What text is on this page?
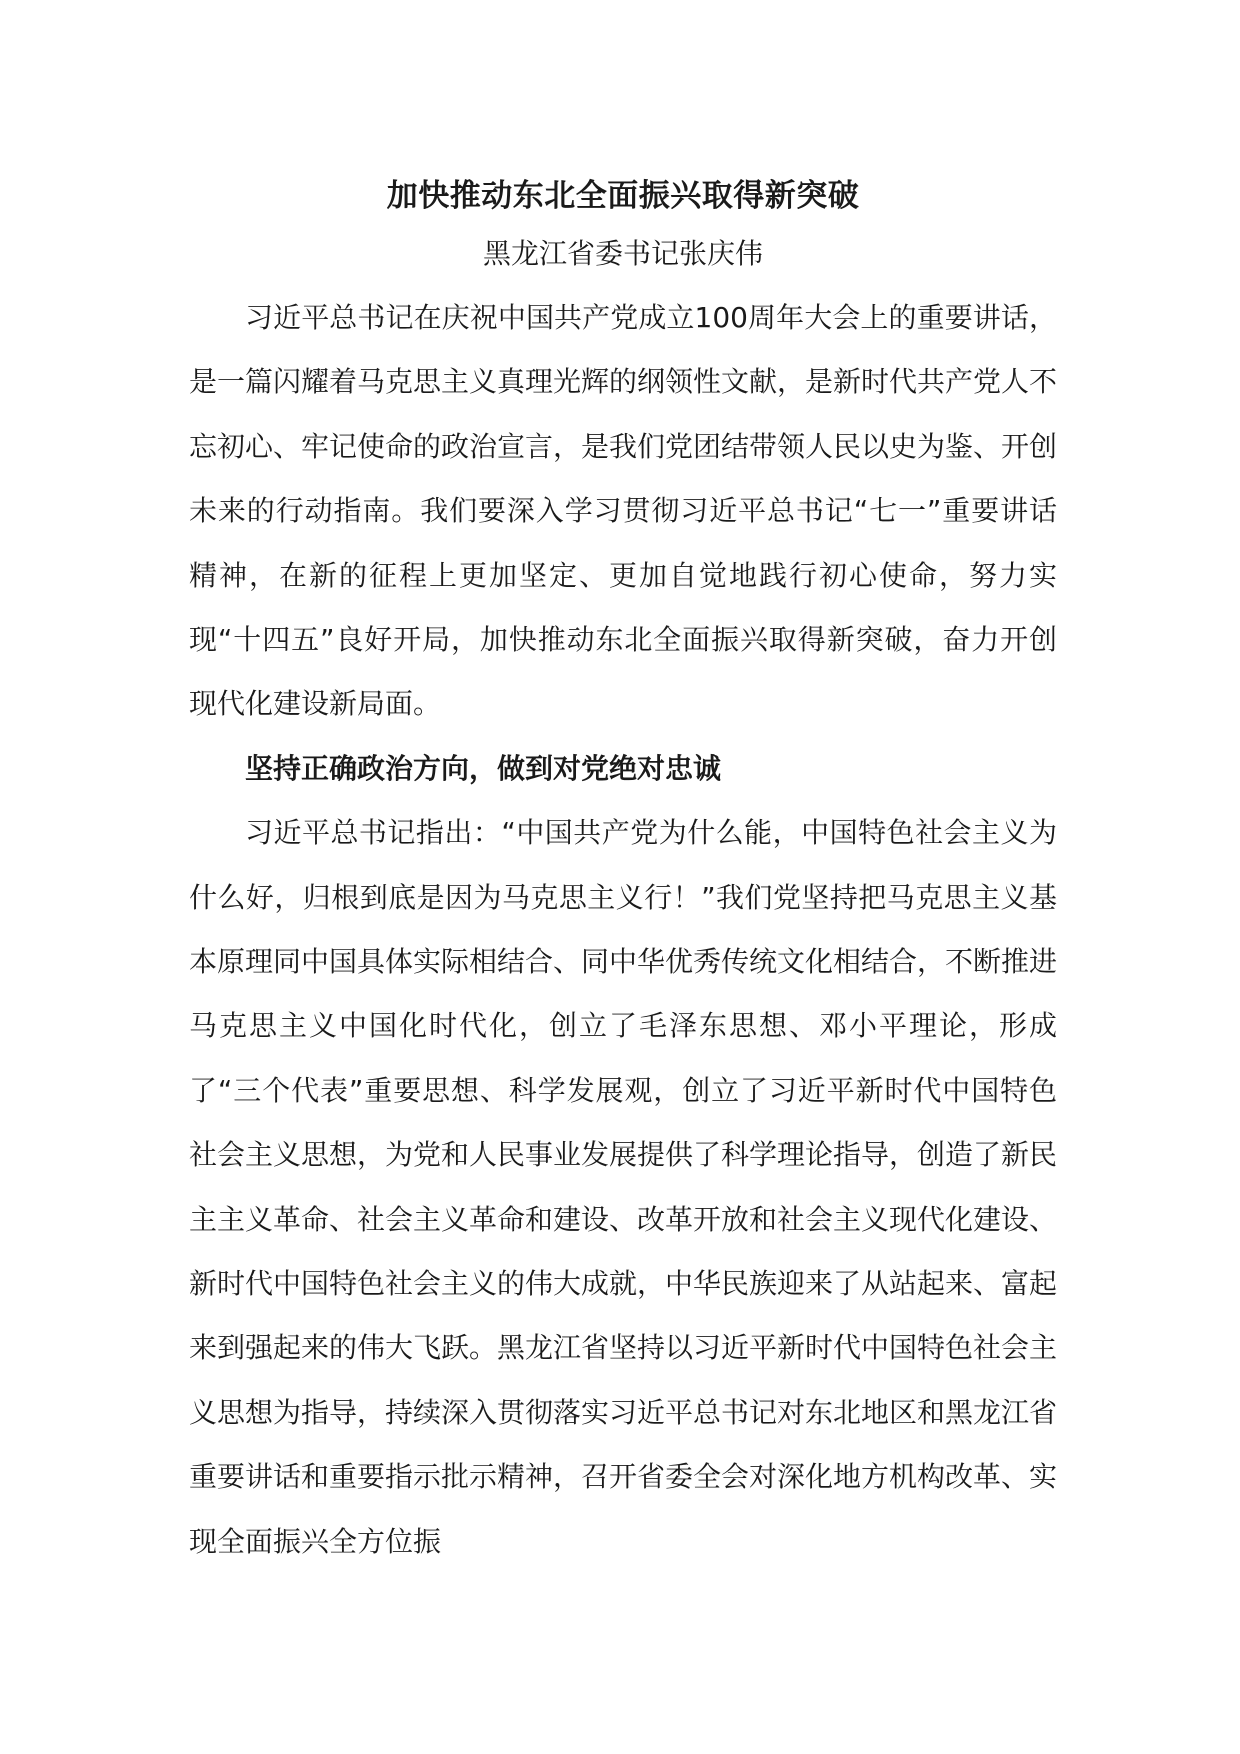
加快推动东北全面振兴取得新突破

黑龙江省委书记张庆伟

习近平总书记在庆祝中国共产党成立100周年大会上的重要讲话，是一篇闪耀着马克思主义真理光辉的纲领性文献，是新时代共产党人不忘初心、牢记使命的政治宣言，是我们党团结带领人民以史为鉴、开创未来的行动指南。我们要深入学习贯彻习近平总书记“七一”重要讲话精神，在新的征程上更加坚定、更加自觉地践行初心使命，努力实现“十四五”良好开局，加快推动东北全面振兴取得新突破，奋力开创现代化建设新局面。

坚持正确政治方向，做到对党绝对忠诚

习近平总书记指出：“中国共产党为什么能，中国特色社会主义为什么好，归根到底是因为马克思主义行！”我们党坚持把马克思主义基本原理同中国具体实际相结合、同中华优秀传统文化相结合，不断推进马克思主义中国化时代化，创立了毛泽东思想、邓小平理论，形成了“三个代表”重要思想、科学发展观，创立了习近平新时代中国特色社会主义思想，为党和人民事业发展提供了科学理论指导，创造了新民主主义革命、社会主义革命和建设、改革开放和社会主义现代化建设、新时代中国特色社会主义的伟大成就，中华民族迎来了从站起来、富起来到强起来的伟大飞跃。黑龙江省坚持以习近平新时代中国特色社会主义思想为指导，持续深入贯彻落实习近平总书记对东北地区和黑龙江省重要讲话和重要指示批示精神，召开省委全会对深化地方机构改革、实现全面振兴全方位振
